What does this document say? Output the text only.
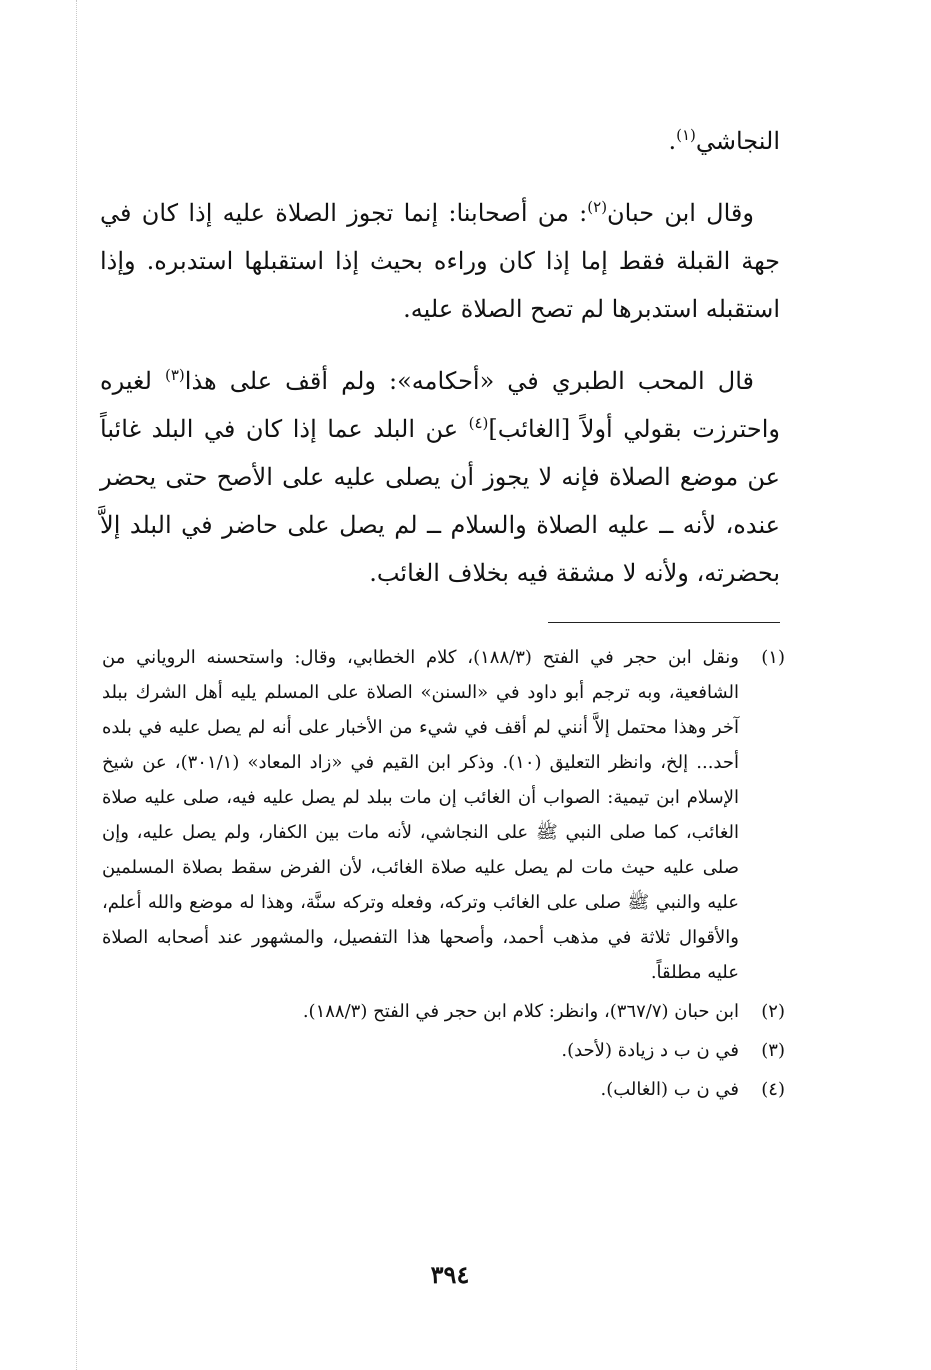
النجاشي$^{(١)}$.

وقال ابن حبان$^{(٢)}$: من أصحابنا: إنما تجوز الصلاة عليه إذا كان في جهة القبلة فقط إما إذا كان وراءه بحيث إذا استقبلها استدبره. وإذا استقبله استدبرها لم تصح الصلاة عليه.

قال المحب الطبري في «أحكامه»: ولم أقف على هذا$^{(٣)}$ لغيره واحترزت بقولي أولاً [الغائب]$^{(٤)}$ عن البلد عما إذا كان في البلد غائباً عن موضع الصلاة فإنه لا يجوز أن يصلى عليه على الأصح حتى يحضر عنده، لأنه ــ عليه الصلاة والسلام ــ لم يصل على حاضر في البلد إلاَّ بحضرته، ولأنه لا مشقة فيه بخلاف الغائب.

(١)
ونقل ابن حجر في الفتح (١٨٨/٣)، كلام الخطابي، وقال: واستحسنه الروياني من الشافعية، وبه ترجم أبو داود في «السنن» الصلاة على المسلم يليه أهل الشرك ببلد آخر وهذا محتمل إلاَّ أنني لم أقف في شيء من الأخبار على أنه لم يصل عليه في بلده أحد... إلخ، وانظر التعليق (١٠). وذكر ابن القيم في «زاد المعاد» (٣٠١/١)، عن شيخ الإسلام ابن تيمية: الصواب أن الغائب إن مات ببلد لم يصل عليه فيه، صلى عليه صلاة الغائب، كما صلى النبي ﷺ على النجاشي، لأنه مات بين الكفار، ولم يصل عليه، وإن صلى عليه حيث مات لم يصل عليه صلاة الغائب، لأن الفرض سقط بصلاة المسلمين عليه والنبي ﷺ صلى على الغائب وتركه، وفعله وتركه سنَّة، وهذا له موضع والله أعلم، والأقوال ثلاثة في مذهب أحمد، وأصحها هذا التفصيل، والمشهور عند أصحابه الصلاة عليه مطلقاً.
(٢)
ابن حبان (٣٦٧/٧)، وانظر: كلام ابن حجر في الفتح (١٨٨/٣).
(٣)
في ن ب د زيادة (لأحد).
(٤)
في ن ب (الغالب).
٣٩٤
